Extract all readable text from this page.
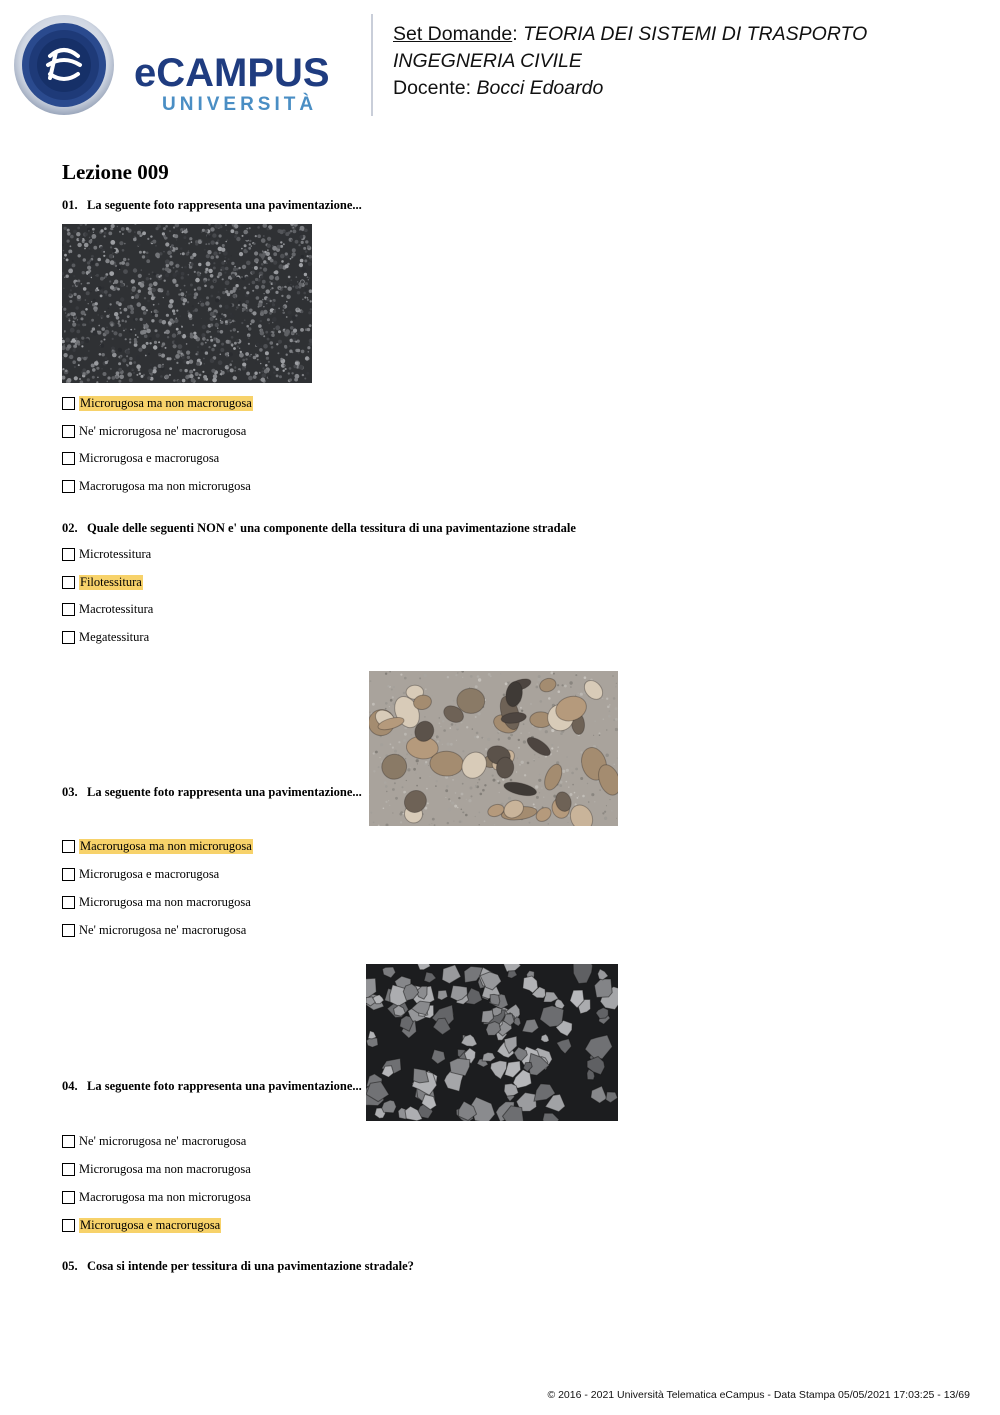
eCAMPUS
UNIVERSITÀ
Set Domande: TEORIA DEI SISTEMI DI TRASPORTO
INGEGNERIA CIVILE
Docente: Bocci Edoardo
Lezione 009
01. La seguente foto rappresenta una pavimentazione...
Microrugosa ma non macrorugosa
Ne' microrugosa ne' macrorugosa
Microrugosa e macrorugosa
Macrorugosa ma non microrugosa
02. Quale delle seguenti NON e' una componente della tessitura di una pavimentazione stradale
Microtessitura
Filotessitura
Macrotessitura
Megatessitura
03. La seguente foto rappresenta una pavimentazione...
Macrorugosa ma non microrugosa
Microrugosa e macrorugosa
Microrugosa ma non macrorugosa
Ne' microrugosa ne' macrorugosa
04. La seguente foto rappresenta una pavimentazione...
Ne' microrugosa ne' macrorugosa
Microrugosa ma non macrorugosa
Macrorugosa ma non microrugosa
Microrugosa e macrorugosa
05. Cosa si intende per tessitura di una pavimentazione stradale?
© 2016 - 2021 Università Telematica eCampus - Data Stampa 05/05/2021 17:03:25 - 13/69
